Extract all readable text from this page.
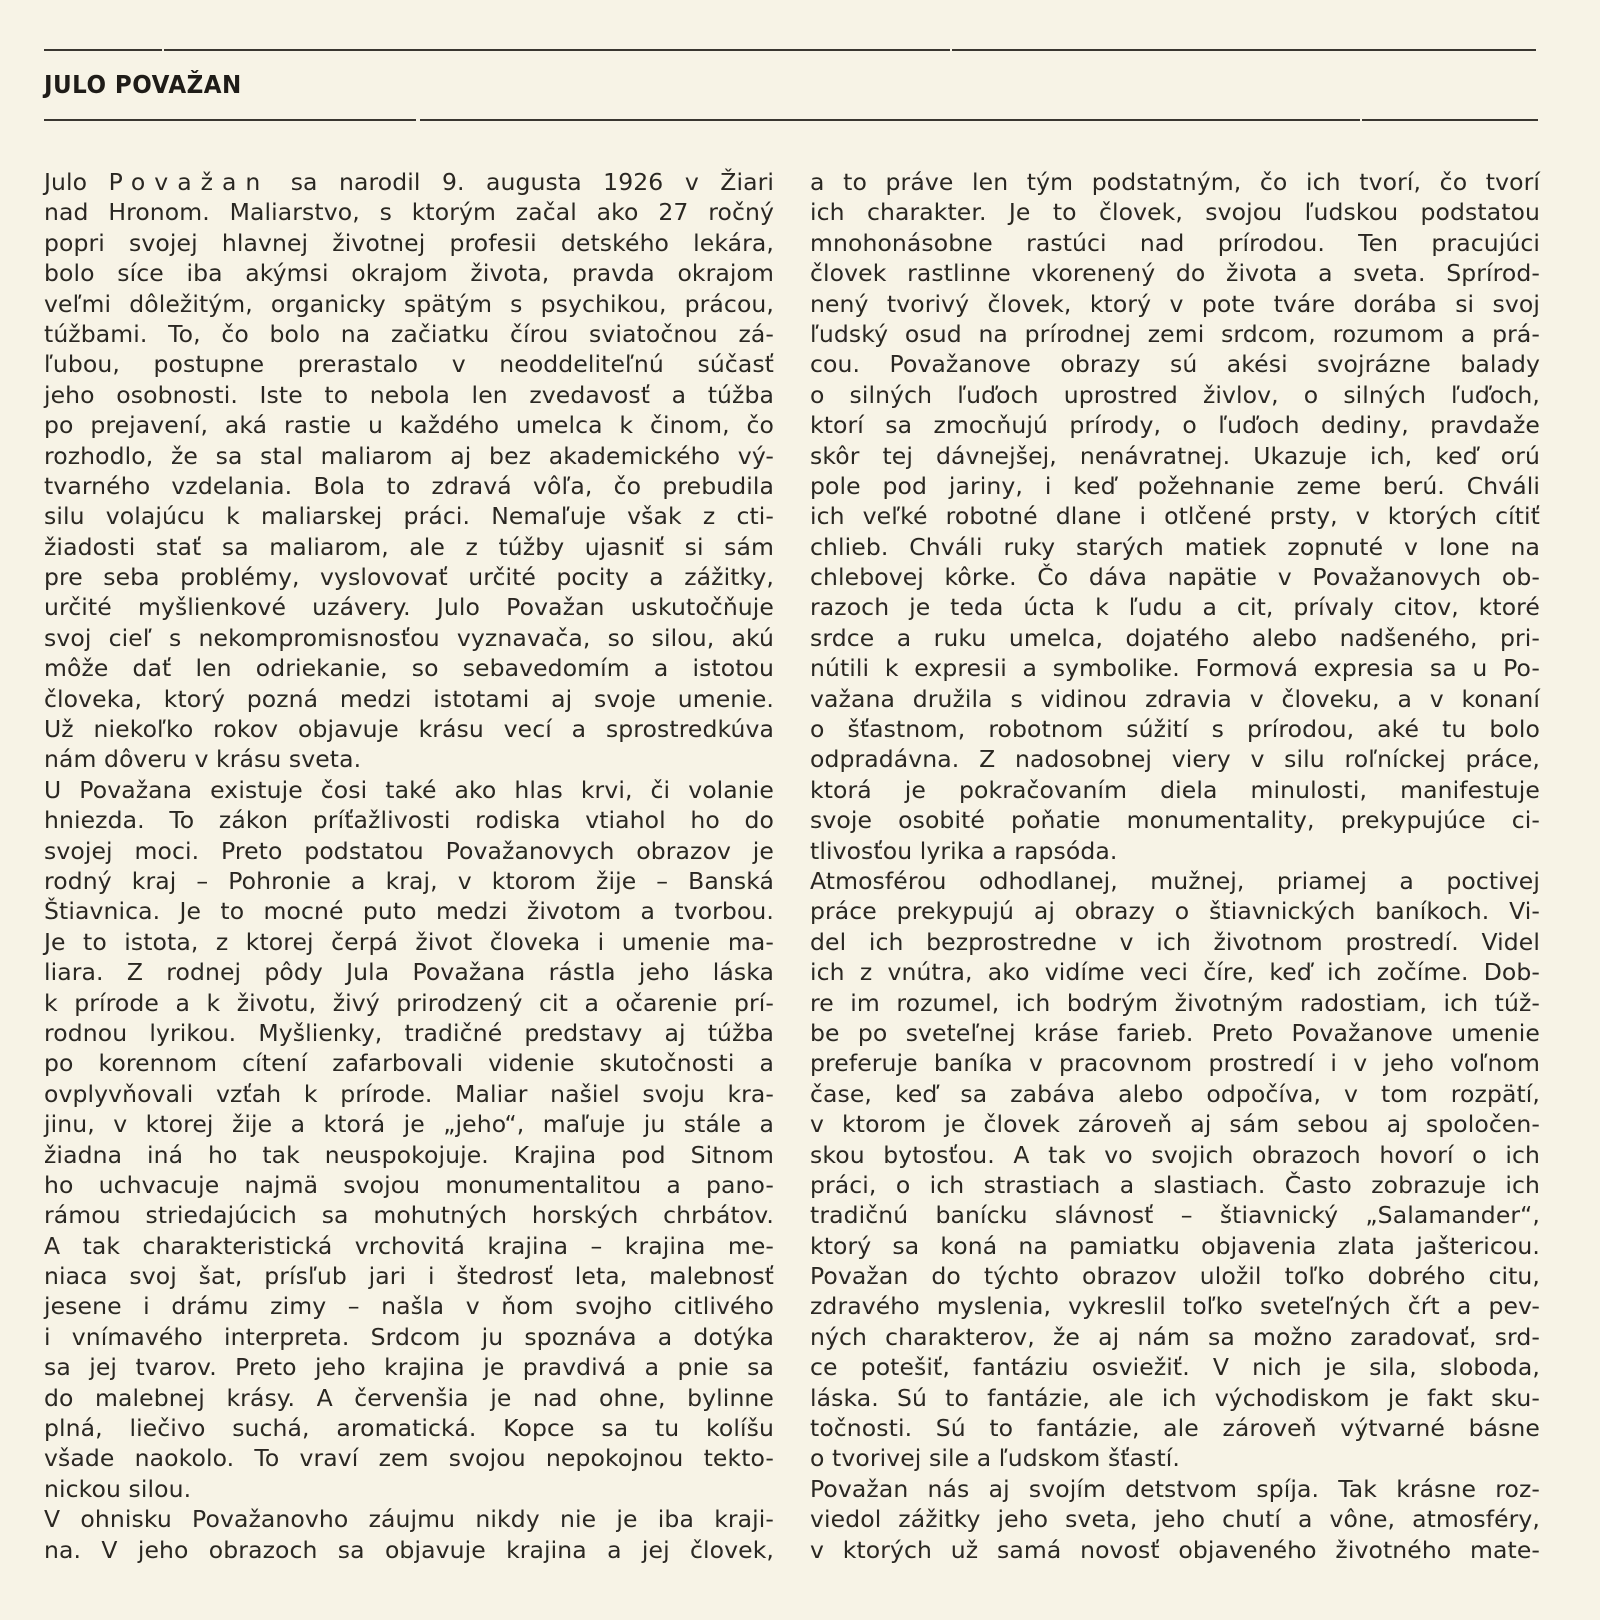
JULO POVAŽAN
Julo Považan sa narodil 9. augusta 1926 v Žiari
nad Hronom. Maliarstvo, s ktorým začal ako 27 ročný
popri svojej hlavnej životnej profesii detského lekára,
bolo síce iba akýmsi okrajom života, pravda okrajom
veľmi dôležitým, organicky spätým s psychikou, prácou,
túžbami. To, čo bolo na začiatku čírou sviatočnou zá-
ľubou, postupne prerastalo v neoddeliteľnú súčasť
jeho osobnosti. Iste to nebola len zvedavosť a túžba
po prejavení, aká rastie u každého umelca k činom, čo
rozhodlo, že sa stal maliarom aj bez akademického vý-
tvarného vzdelania. Bola to zdravá vôľa, čo prebudila
silu volajúcu k maliarskej práci. Nemaľuje však z cti-
žiadosti stať sa maliarom, ale z túžby ujasniť si sám
pre seba problémy, vyslovovať určité pocity a zážitky,
určité myšlienkové uzávery. Julo Považan uskutočňuje
svoj cieľ s nekompromisnosťou vyznavača, so silou, akú
môže dať len odriekanie, so sebavedomím a istotou
človeka, ktorý pozná medzi istotami aj svoje umenie.
Už niekoľko rokov objavuje krásu vecí a sprostredkúva
nám dôveru v krásu sveta.
U Považana existuje čosi také ako hlas krvi, či volanie
hniezda. To zákon príťažlivosti rodiska vtiahol ho do
svojej moci. Preto podstatou Považanovych obrazov je
rodný kraj – Pohronie a kraj, v ktorom žije – Banská
Štiavnica. Je to mocné puto medzi životom a tvorbou.
Je to istota, z ktorej čerpá život človeka i umenie ma-
liara. Z rodnej pôdy Jula Považana rástla jeho láska
k prírode a k životu, živý prirodzený cit a očarenie prí-
rodnou lyrikou. Myšlienky, tradičné predstavy aj túžba
po korennom cítení zafarbovali videnie skutočnosti a
ovplyvňovali vzťah k prírode. Maliar našiel svoju kra-
jinu, v ktorej žije a ktorá je „jeho“, maľuje ju stále a
žiadna iná ho tak neuspokojuje. Krajina pod Sitnom
ho uchvacuje najmä svojou monumentalitou a pano-
rámou striedajúcich sa mohutných horských chrbátov.
A tak charakteristická vrchovitá krajina – krajina me-
niaca svoj šat, prísľub jari i štedrosť leta, malebnosť
jesene i drámu zimy – našla v ňom svojho citlivého
i vnímavého interpreta. Srdcom ju spoznáva a dotýka
sa jej tvarov. Preto jeho krajina je pravdivá a pnie sa
do malebnej krásy. A červenšia je nad ohne, bylinne
plná, liečivo suchá, aromatická. Kopce sa tu kolíšu
všade naokolo. To vraví zem svojou nepokojnou tekto-
nickou silou.
V ohnisku Považanovho záujmu nikdy nie je iba kraji-
na. V jeho obrazoch sa objavuje krajina a jej človek,
a to práve len tým podstatným, čo ich tvorí, čo tvorí
ich charakter. Je to človek, svojou ľudskou podstatou
mnohonásobne rastúci nad prírodou. Ten pracujúci
človek rastlinne vkorenený do života a sveta. Sprírod-
nený tvorivý človek, ktorý v pote tváre dorába si svoj
ľudský osud na prírodnej zemi srdcom, rozumom a prá-
cou. Považanove obrazy sú akési svojrázne balady
o silných ľuďoch uprostred živlov, o silných ľuďoch,
ktorí sa zmocňujú prírody, o ľuďoch dediny, pravdaže
skôr tej dávnejšej, nenávratnej. Ukazuje ich, keď orú
pole pod jariny, i keď požehnanie zeme berú. Chváli
ich veľké robotné dlane i otlčené prsty, v ktorých cítiť
chlieb. Chváli ruky starých matiek zopnuté v lone na
chlebovej kôrke. Čo dáva napätie v Považanovych ob-
razoch je teda úcta k ľudu a cit, prívaly citov, ktoré
srdce a ruku umelca, dojatého alebo nadšeného, pri-
nútili k expresii a symbolike. Formová expresia sa u Po-
važana družila s vidinou zdravia v človeku, a v konaní
o šťastnom, robotnom súžití s prírodou, aké tu bolo
odpradávna. Z nadosobnej viery v silu roľníckej práce,
ktorá je pokračovaním diela minulosti, manifestuje
svoje osobité poňatie monumentality, prekypujúce ci-
tlivosťou lyrika a rapsóda.
Atmosférou odhodlanej, mužnej, priamej a poctivej
práce prekypujú aj obrazy o štiavnických baníkoch. Vi-
del ich bezprostredne v ich životnom prostredí. Videl
ich z vnútra, ako vidíme veci číre, keď ich zočíme. Dob-
re im rozumel, ich bodrým životným radostiam, ich túž-
be po sveteľnej kráse farieb. Preto Považanove umenie
preferuje baníka v pracovnom prostredí i v jeho voľnom
čase, keď sa zabáva alebo odpočíva, v tom rozpätí,
v ktorom je človek zároveň aj sám sebou aj spoločen-
skou bytosťou. A tak vo svojich obrazoch hovorí o ich
práci, o ich strastiach a slastiach. Často zobrazuje ich
tradičnú banícku slávnosť – štiavnický „Salamander“,
ktorý sa koná na pamiatku objavenia zlata jaštericou.
Považan do týchto obrazov uložil toľko dobrého citu,
zdravého myslenia, vykreslil toľko sveteľných čŕt a pev-
ných charakterov, že aj nám sa možno zaradovať, srd-
ce potešiť, fantáziu osviežiť. V nich je sila, sloboda,
láska. Sú to fantázie, ale ich východiskom je fakt sku-
točnosti. Sú to fantázie, ale zároveň výtvarné básne
o tvorivej sile a ľudskom šťastí.
Považan nás aj svojím detstvom spíja. Tak krásne roz-
viedol zážitky jeho sveta, jeho chutí a vône, atmosféry,
v ktorých už samá novosť objaveného životného mate-
